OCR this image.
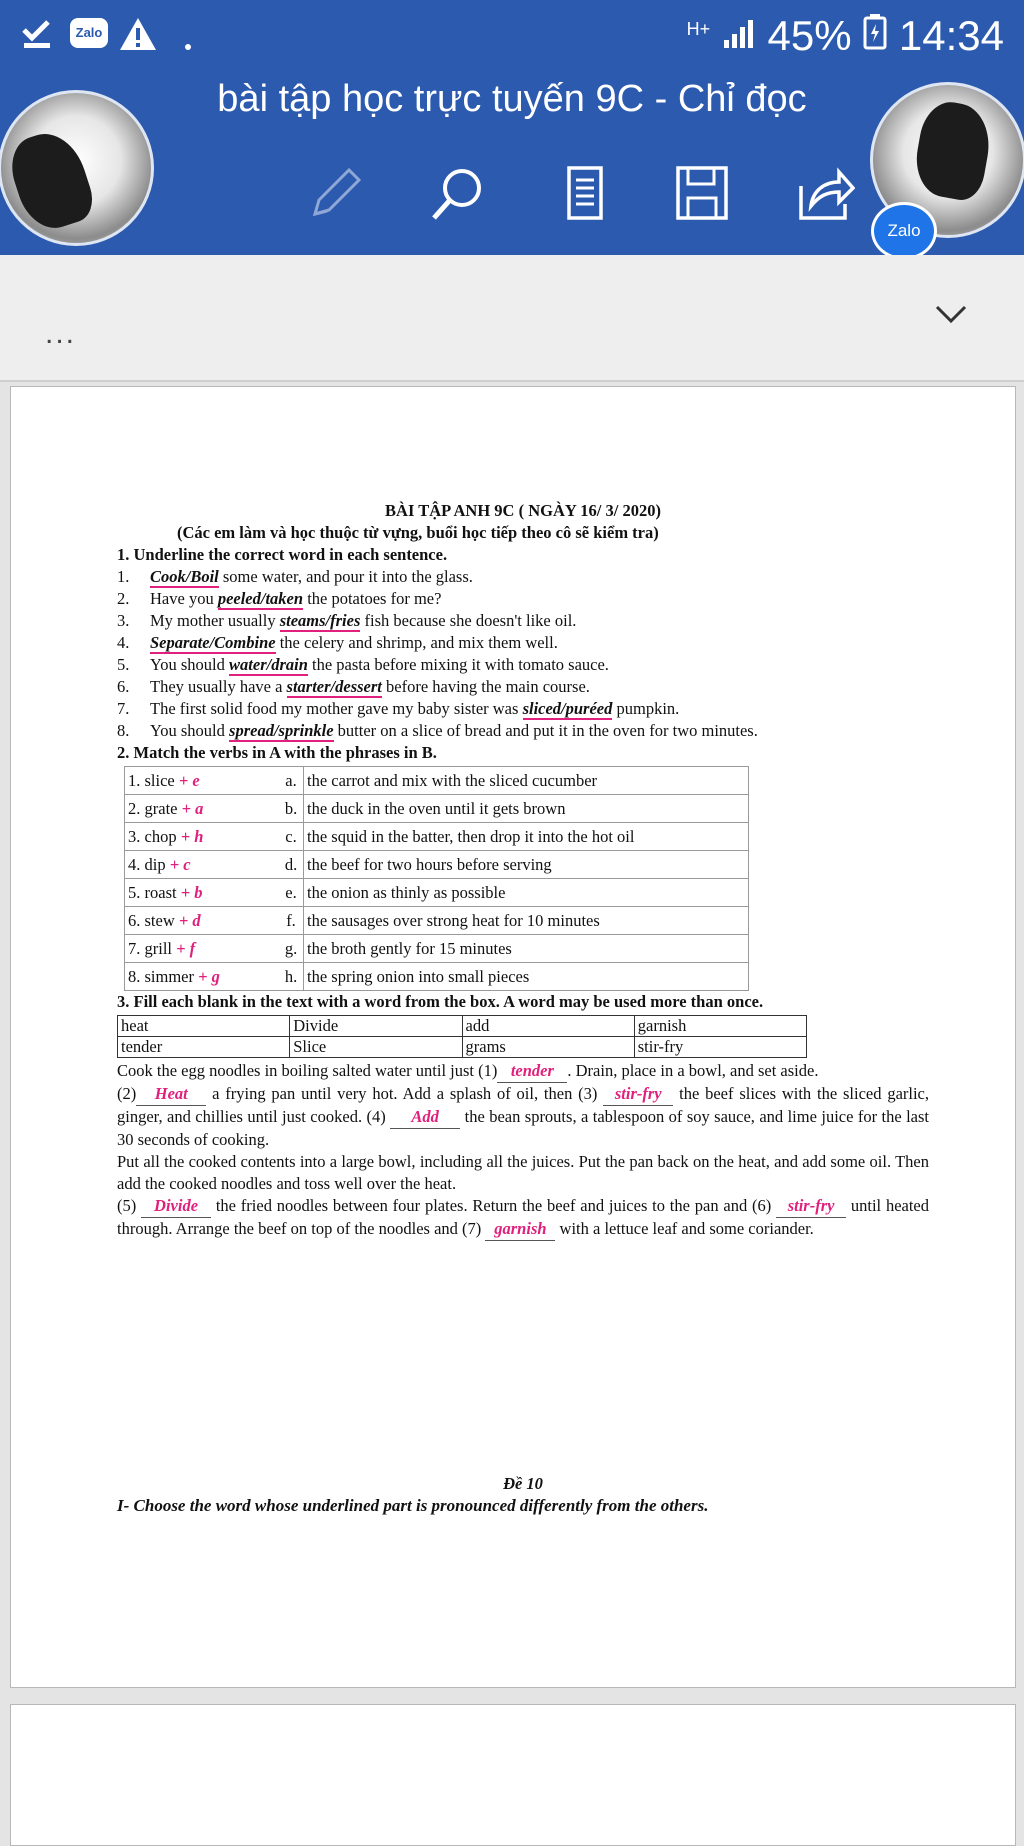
Zalo	$^{H+}$ 45% 14:34
bài tập học trực tuyến 9C - Chỉ đọc
Zalo
...
BÀI TẬP ANH 9C ( NGÀY 16/ 3/ 2020)
(Các em làm và học thuộc từ vựng, buổi học tiếp theo cô sẽ kiểm tra)
1. Underline the correct word in each sentence.
1.	Cook/Boil some water, and pour it into the glass.
2.	Have you peeled/taken the potatoes for me?
3.	My mother usually steams/fries fish because she doesn't like oil.
4.	Separate/Combine the celery and shrimp, and mix them well.
5.	You should water/drain the pasta before mixing it with tomato sauce.
6.	They usually have a starter/dessert before having the main course.
7.	The first solid food my mother gave my baby sister was sliced/puréed pumpkin.
8.	You should spread/sprinkle butter on a slice of bread and put it in the oven for two minutes.
2. Match the verbs in A with the phrases in B.
1. slice + e	a.	the carrot and mix with the sliced cucumber
2. grate + a	b.	the duck in the oven until it gets brown
3. chop + h	c.	the squid in the batter, then drop it into the hot oil
4. dip + c	d.	the beef for two hours before serving
5. roast + b	e.	the onion as thinly as possible
6. stew + d	f.	the sausages over strong heat for 10 minutes
7. grill + f	g.	the broth gently for 15 minutes
8. simmer + g	h.	the spring onion into small pieces
3. Fill each blank in the text with a word from the box. A word may be used more than once.
heat	Divide	add	garnish
tender	Slice	grams	stir-fry
Cook the egg noodles in boiling salted water until just (1) tender . Drain, place in a bowl, and set aside.
(2) Heat a frying pan until very hot. Add a splash of oil, then (3) stir-fry the beef slices with the sliced garlic, ginger, and chillies until just cooked. (4) Add the bean sprouts, a tablespoon of soy sauce, and lime juice for the last 30 seconds of cooking.
Put all the cooked contents into a large bowl, including all the juices. Put the pan back on the heat, and add some oil. Then add the cooked noodles and toss well over the heat.
(5) Divide the fried noodles between four plates. Return the beef and juices to the pan and (6) stir-fry until heated through. Arrange the beef on top of the noodles and (7) garnish with a lettuce leaf and some coriander.
Đề 10
I- Choose the word whose underlined part is pronounced differently from the others.
